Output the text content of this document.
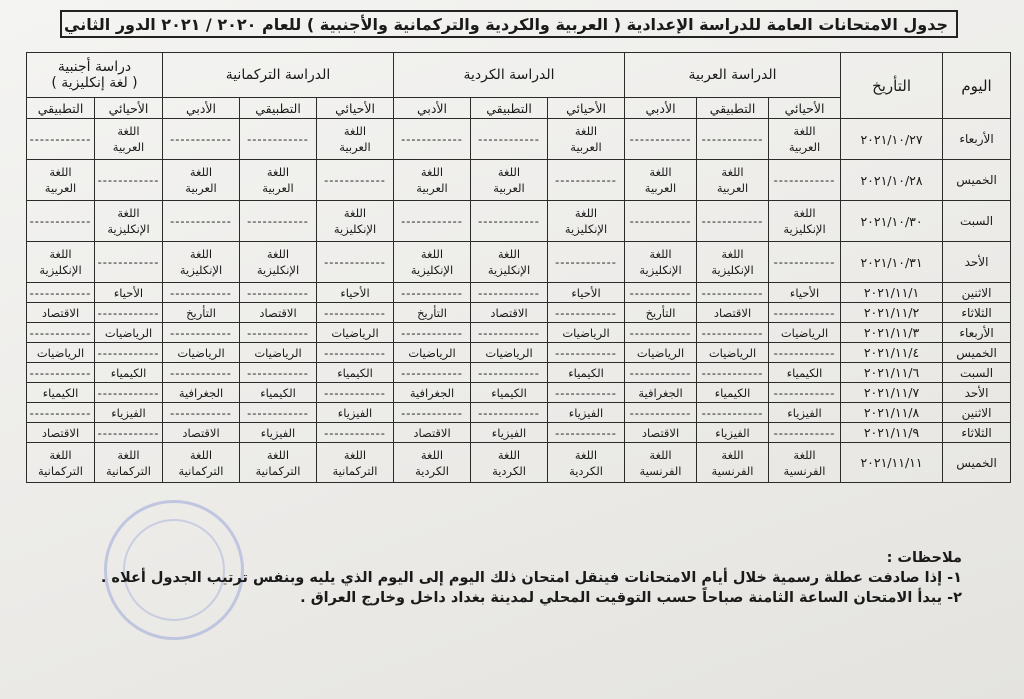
جدول الامتحانات العامة للدراسة الإعدادية ( العربية والكردية والتركمانية والأجنبية ) للعام ٢٠٢٠ / ٢٠٢١ الدور الثاني
اليوم	التأريخ	الدراسة العربية			الدراسة الكردية			الدراسة التركمانية			دراسة أجنبية
( لغة إنكليزية )	
		الأحيائي	التطبيقي	الأدبي	الأحيائي	التطبيقي	الأدبي	الأحيائي	التطبيقي	الأدبي	الأحيائي	التطبيقي
الأربعاء	٢٠٢١/١٠/٢٧	اللغة
العربية	------------	------------	اللغة
العربية	------------	------------	اللغة
العربية	------------	------------	اللغة
العربية	------------
الخميس	٢٠٢١/١٠/٢٨	------------	اللغة
العربية	اللغة
العربية	------------	اللغة
العربية	اللغة
العربية	------------	اللغة
العربية	اللغة
العربية	------------	اللغة
العربية
السبت	٢٠٢١/١٠/٣٠	اللغة
الإنكليزية	------------	------------	اللغة
الإنكليزية	------------	------------	اللغة
الإنكليزية	------------	------------	اللغة
الإنكليزية	------------
الأحد	٢٠٢١/١٠/٣١	------------	اللغة
الإنكليزية	اللغة
الإنكليزية	------------	اللغة
الإنكليزية	اللغة
الإنكليزية	------------	اللغة
الإنكليزية	اللغة
الإنكليزية	------------	اللغة
الإنكليزية
الاثنين	٢٠٢١/١١/١	الأحياء	------------	------------	الأحياء	------------	------------	الأحياء	------------	------------	الأحياء	------------
الثلاثاء	٢٠٢١/١١/٢	------------	الاقتصاد	التأريخ	------------	الاقتصاد	التأريخ	------------	الاقتصاد	التأريخ	------------	الاقتصاد
الأربعاء	٢٠٢١/١١/٣	الرياضيات	------------	------------	الرياضيات	------------	------------	الرياضيات	------------	------------	الرياضيات	------------
الخميس	٢٠٢١/١١/٤	------------	الرياضيات	الرياضيات	------------	الرياضيات	الرياضيات	------------	الرياضيات	الرياضيات	------------	الرياضيات
السبت	٢٠٢١/١١/٦	الكيمياء	------------	------------	الكيمياء	------------	------------	الكيمياء	------------	------------	الكيمياء	------------
الأحد	٢٠٢١/١١/٧	------------	الكيمياء	الجغرافية	------------	الكيمياء	الجغرافية	------------	الكيمياء	الجغرافية	------------	الكيمياء
الاثنين	٢٠٢١/١١/٨	الفيزياء	------------	------------	الفيزياء	------------	------------	الفيزياء	------------	------------	الفيزياء	------------
الثلاثاء	٢٠٢١/١١/٩	------------	الفيزياء	الاقتصاد	------------	الفيزياء	الاقتصاد	------------	الفيزياء	الاقتصاد	------------	الاقتصاد
الخميس	٢٠٢١/١١/١١	اللغة
الفرنسية	اللغة
الفرنسية	اللغة
الفرنسية	اللغة
الكردية	اللغة
الكردية	اللغة
الكردية	اللغة
التركمانية	اللغة
التركمانية	اللغة
التركمانية	اللغة
التركمانية	اللغة
التركمانية
ملاحظات :
١- إذا صادفت عطلة رسمية خلال أيام الامتحانات فينقل امتحان ذلك اليوم إلى اليوم الذي يليه وبنفس ترتيب الجدول أعلاه .
٢- يبدأ الامتحان الساعة الثامنة صباحاً حسب التوقيت المحلي لمدينة بغداد داخل وخارج العراق .
